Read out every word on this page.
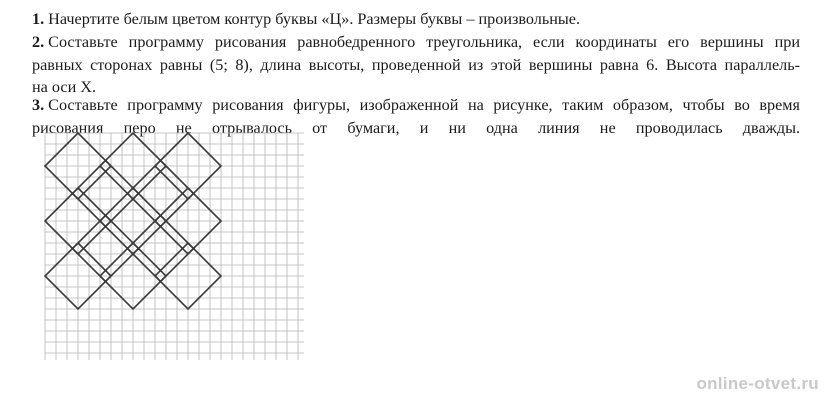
1. Начертите белым цветом контур буквы «Ц». Размеры буквы – произвольные.
2. Составьте программу рисования равнобедренного треугольника, если координаты его вершины при
равных сторонах равны (5; 8), длина высоты, проведенной из этой вершины равна 6. Высота параллель-
на оси X.
3. Составьте программу рисования фигуры, изображенной на рисунке, таким образом, чтобы во время
рисования перо не отрывалось от бумаги, и ни одна линия не проводилась дважды.
online-otvet.ru
